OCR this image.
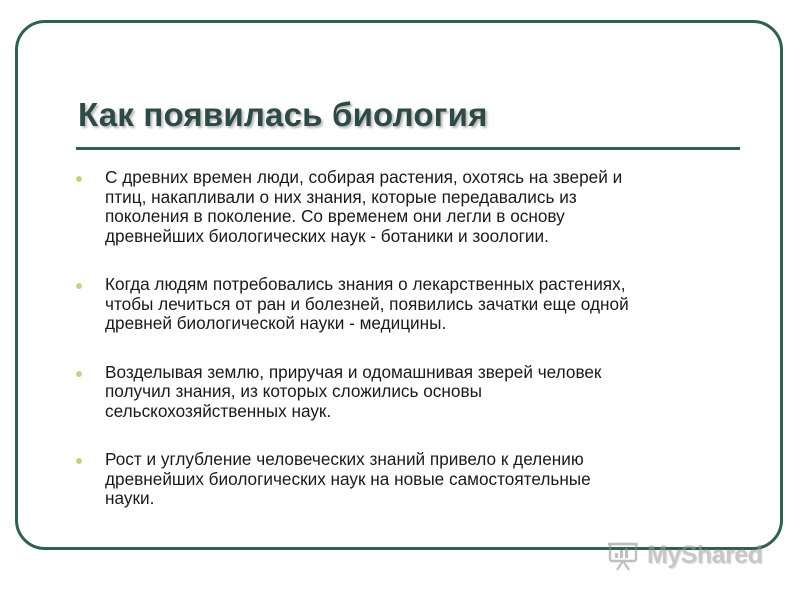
Как появилась биология
С древних времен люди, собирая растения, охотясь на зверей и
птиц, накапливали о них знания, которые передавались из
поколения в поколение. Со временем они легли в основу
древнейших биологических наук - ботаники и зоологии.
Когда людям потребовались знания о лекарственных растениях,
чтобы лечиться от ран и болезней, появились зачатки еще одной
древней биологической науки - медицины.
Возделывая землю, приручая и одомашнивая зверей человек
получил знания, из которых сложились основы
сельскохозяйственных наук.
Рост и углубление человеческих знаний привело к делению
древнейших биологических наук на новые самостоятельные
науки.
MyShared
